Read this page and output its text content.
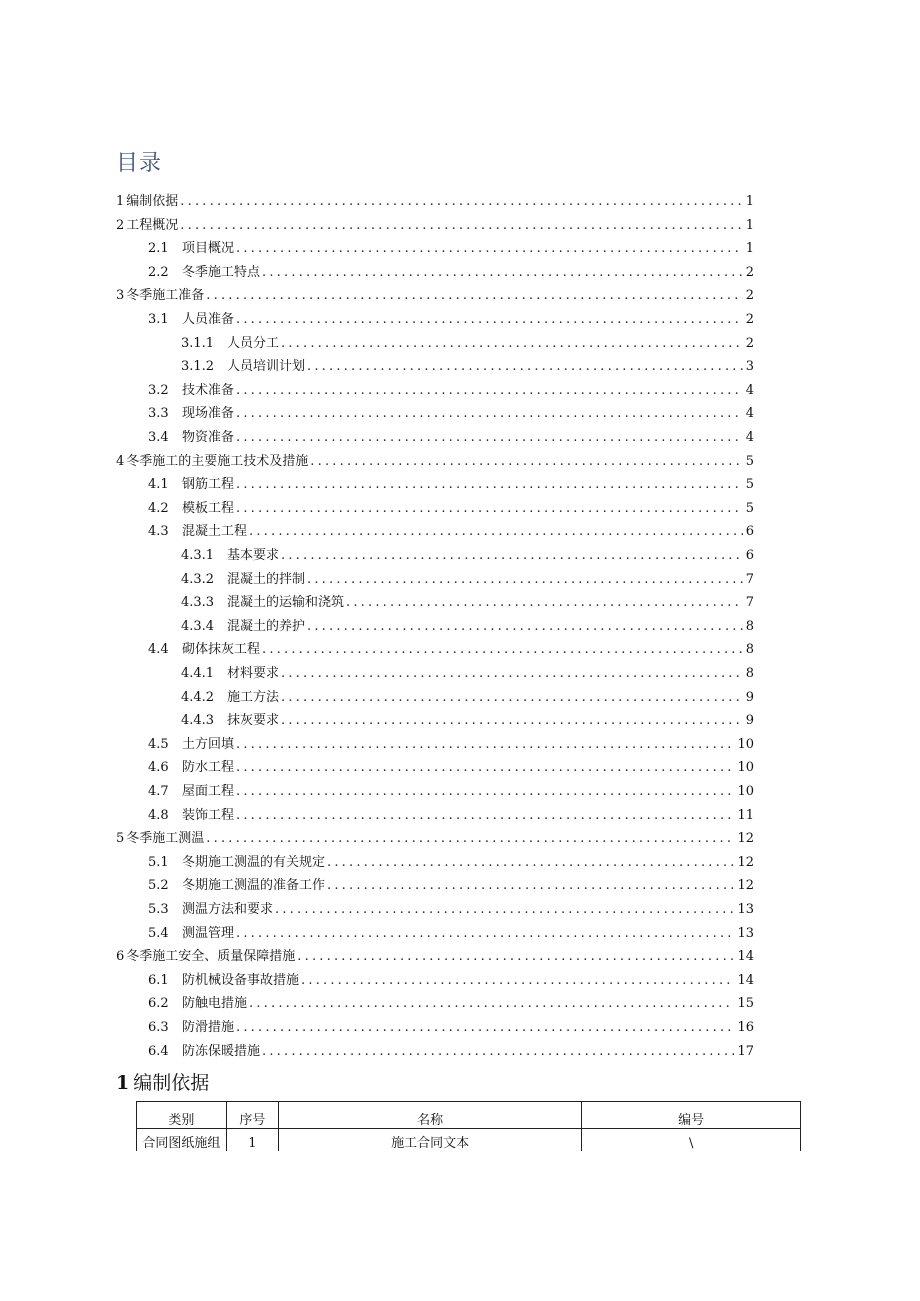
目录
1 编制依据 .....	1
2 工程概况 .....	1
2.1	项目概况 .....	1
2.2	冬季施工特点 .....	2
3 冬季施工准备 .....	2
3.1	人员准备 .....	2
3.1.1 人员分工 .....	2
3.1.2 人员培训计划 .....	3
3.2	技术准备 .....	4
3.3	现场准备 .....	4
3.4	物资准备 .....	4
4 冬季施工的主要施工技术及措施 .....	5
4.1	钢筋工程 .....	5
4.2	模板工程 .....	5
4.3	混凝土工程 .....	6
4.3.1 基本要求 .....	6
4.3.2 混凝土的拌制 .....	7
4.3.3 混凝土的运输和浇筑 .....	7
4.3.4 混凝土的养护 .....	8
4.4	砌体抹灰工程 .....	8
4.4.1 材料要求 .....	8
4.4.2 施工方法 .....	9
4.4.3 抹灰要求 .....	9
4.5	土方回填 .....	10
4.6	防水工程 .....	10
4.7	屋面工程 .....	10
4.8	装饰工程 .....	11
5 冬季施工测温 .....	12
5.1	冬期施工测温的有关规定 .....	12
5.2	冬期施工测温的准备工作 .....	12
5.3	测温方法和要求 .....	13
5.4	测温管理 .....	13
6 冬季施工安全、质量保障措施 .....	14
6.1	防机械设备事故措施 .....	14
6.2	防触电措施 .....	15
6.3	防滑措施 .....	16
6.4	防冻保暖措施 .....	17
1 编制依据
类别	序号	名称	编号
合同图纸施组	1	施工合同文本	\
